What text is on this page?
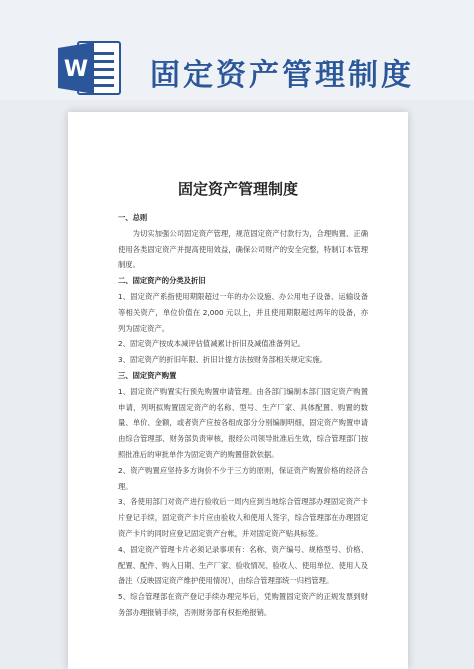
W 固定资产管理制度
固定资产管理制度

一、总则

为切实加强公司固定资产管理，规范固定资产付款行为，合理购置、正确使用各类固定资产并提高使用效益，确保公司财产的安全完整，特制订本管理制度。

二、固定资产的分类及折旧

1、固定资产系指使用期限超过一年的办公设施、办公用电子设备、运输设备等相关资产，单位价值在 2,000 元以上，并且使用期限超过两年的设备，亦列为固定资产。

2、固定资产按成本减评估值减累计折旧及减值准备列记。

3、固定资产的折旧年限、折旧计提方法按财务部相关规定实施。

三、固定资产购置

1、固定资产购置实行预先购置申请管理。由各部门编制本部门固定资产购置申请，列明拟购置固定资产的名称、型号、生产厂家、具体配置、购置的数量、单价、金额，或者资产应按各组成部分分别编制明细，固定资产购置申请由综合管理部、财务部负责审核，报经公司领导批准后生效，综合管理部门按照批准后的审批单作为固定资产的购置借款依据。

2、资产购置应坚持多方询价不少于三方的原则，保证资产购置价格的经济合理。

3、各使用部门对资产进行验收后一周内应到当地综合管理部办理固定资产卡片登记手续，固定资产卡片应由验收人和使用人签字，综合管理部在办理固定资产卡片的同时应登记固定资产台帐，并对固定资产贴具标签。

4、固定资产管理卡片必须记录事项有：名称、资产编号、规格型号、价格、配置、配件、购入日期、生产厂家、验收情况、验收人、使用单位、使用人及备注（反映固定资产维护使用情况），由综合管理部统一归档管理。

5、综合管理部在资产登记手续办理完毕后，凭购置固定资产的正规发票到财务部办理报销手续，否则财务部有权拒绝报销。
